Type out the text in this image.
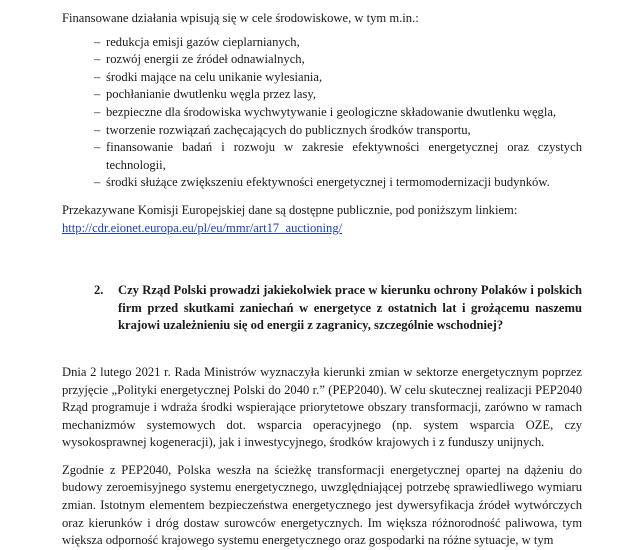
Finansowane działania wpisują się w cele środowiskowe, w tym m.in.:

– redukcja emisji gazów cieplarnianych,
– rozwój energii ze źródeł odnawialnych,
– środki mające na celu unikanie wylesiania,
– pochłanianie dwutlenku węgla przez lasy,
– bezpieczne dla środowiska wychwytywanie i geologiczne składowanie dwutlenku węgla,
– tworzenie rozwiązań zachęcających do publicznych środków transportu,
– finansowanie badań i rozwoju w zakresie efektywności energetycznej oraz czystych technologii,
– środki służące zwiększeniu efektywności energetycznej i termomodernizacji budynków.

Przekazywane Komisji Europejskiej dane są dostępne publicznie, pod poniższym linkiem:
http://cdr.eionet.europa.eu/pl/eu/mmr/art17_auctioning/

2. Czy Rząd Polski prowadzi jakiekolwiek prace w kierunku ochrony Polaków i polskich firm przed skutkami zaniechań w energetyce z ostatnich lat i grożącemu naszemu krajowi uzależnieniu się od energii z zagranicy, szczególnie wschodniej?

Dnia 2 lutego 2021 r. Rada Ministrów wyznaczyła kierunki zmian w sektorze energetycznym poprzez przyjęcie „Polityki energetycznej Polski do 2040 r.” (PEP2040). W celu skutecznej realizacji PEP2040 Rząd programuje i wdraża środki wspierające priorytetowe obszary transformacji, zarówno w ramach mechanizmów systemowych dot. wsparcia operacyjnego (np. system wsparcia OZE, czy wysokosprawnej kogeneracji), jak i inwestycyjnego, środków krajowych i z funduszy unijnych.

Zgodnie z PEP2040, Polska weszła na ścieżkę transformacji energetycznej opartej na dążeniu do budowy zeroemisyjnego systemu energetycznego, uwzględniającej potrzebę sprawiedliwego wymiaru zmian. Istotnym elementem bezpieczeństwa energetycznego jest dywersyfikacja źródeł wytwórczych oraz kierunków i dróg dostaw surowców energetycznych. Im większa różnorodność paliwowa, tym większa odporność krajowego systemu energetycznego oraz gospodarki na różne sytuacje, w tym
